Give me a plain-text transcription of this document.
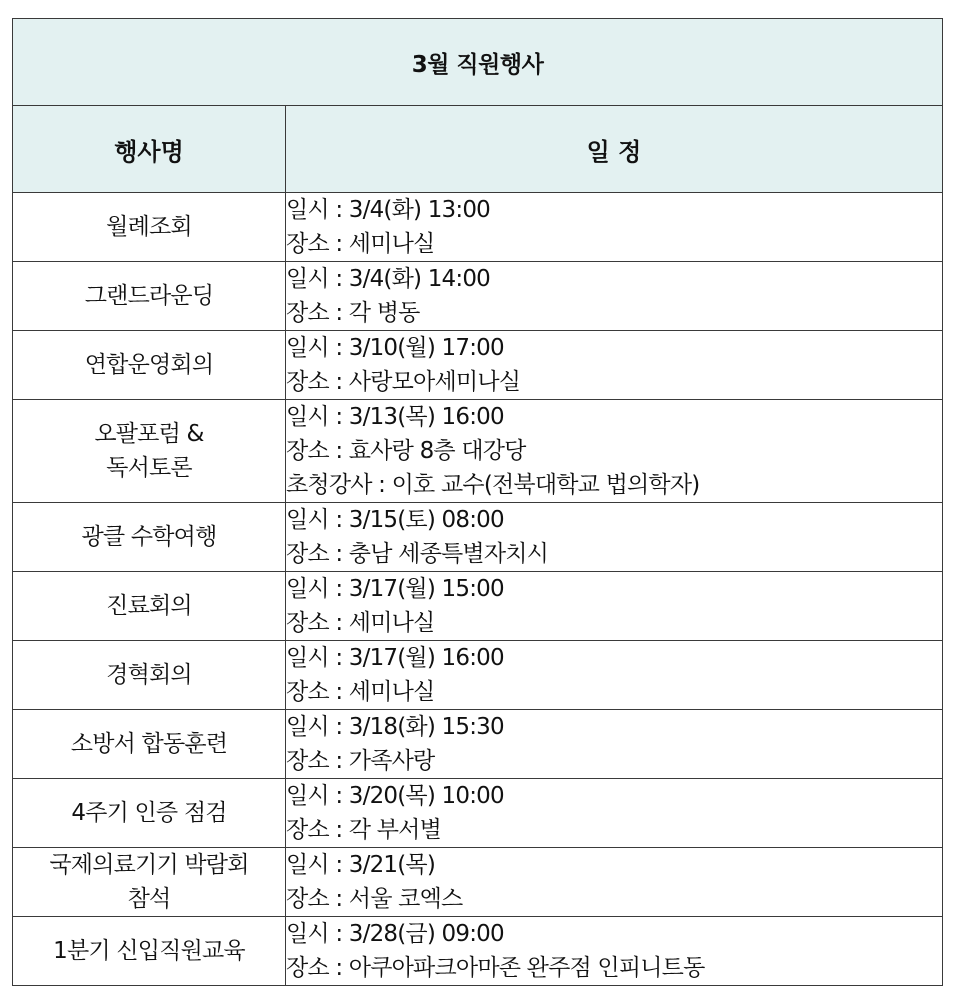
3월 직원행사	
행사명	일 정

월례조회	일시 : 3/4(화) 13:00
장소 : 세미나실

그랜드라운딩	일시 : 3/4(화) 14:00
장소 : 각 병동

연합운영회의	일시 : 3/10(월) 17:00
장소 : 사랑모아세미나실

오팔포럼 &
독서토론	일시 : 3/13(목) 16:00
장소 : 효사랑 8층 대강당
초청강사 : 이호 교수(전북대학교 법의학자)

광클 수학여행	일시 : 3/15(토) 08:00
장소 : 충남 세종특별자치시

진료회의	일시 : 3/17(월) 15:00
장소 : 세미나실

경혁회의	일시 : 3/17(월) 16:00
장소 : 세미나실

소방서 합동훈련	일시 : 3/18(화) 15:30
장소 : 가족사랑

4주기 인증 점검	일시 : 3/20(목) 10:00
장소 : 각 부서별

국제의료기기 박람회
참석	일시 : 3/21(목)
장소 : 서울 코엑스

1분기 신입직원교육	일시 : 3/28(금) 09:00
장소 : 아쿠아파크아마존 완주점 인피니트동
